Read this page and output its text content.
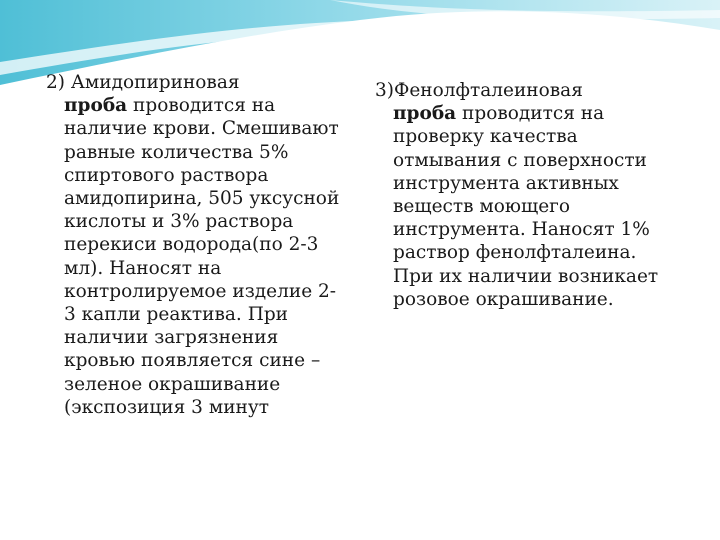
2) Амидопириновая
проба проводится на наличие крови. Смешивают равные количества 5% спиртового раствора амидопирина, 505 уксусной кислоты и 3% раствора перекиси водорода(по 2-3 мл). Наносят на контролируемое изделие 2-3 капли реактива. При наличии загрязнения кровью появляется сине –зеленое окрашивание (экспозиция 3 минут

3)Фенолфталеиновая
проба проводится на проверку качества отмывания с поверхности инструмента активных веществ моющего инструмента. Наносят 1% раствор фенолфталеина. При их наличии возникает розовое окрашивание.
